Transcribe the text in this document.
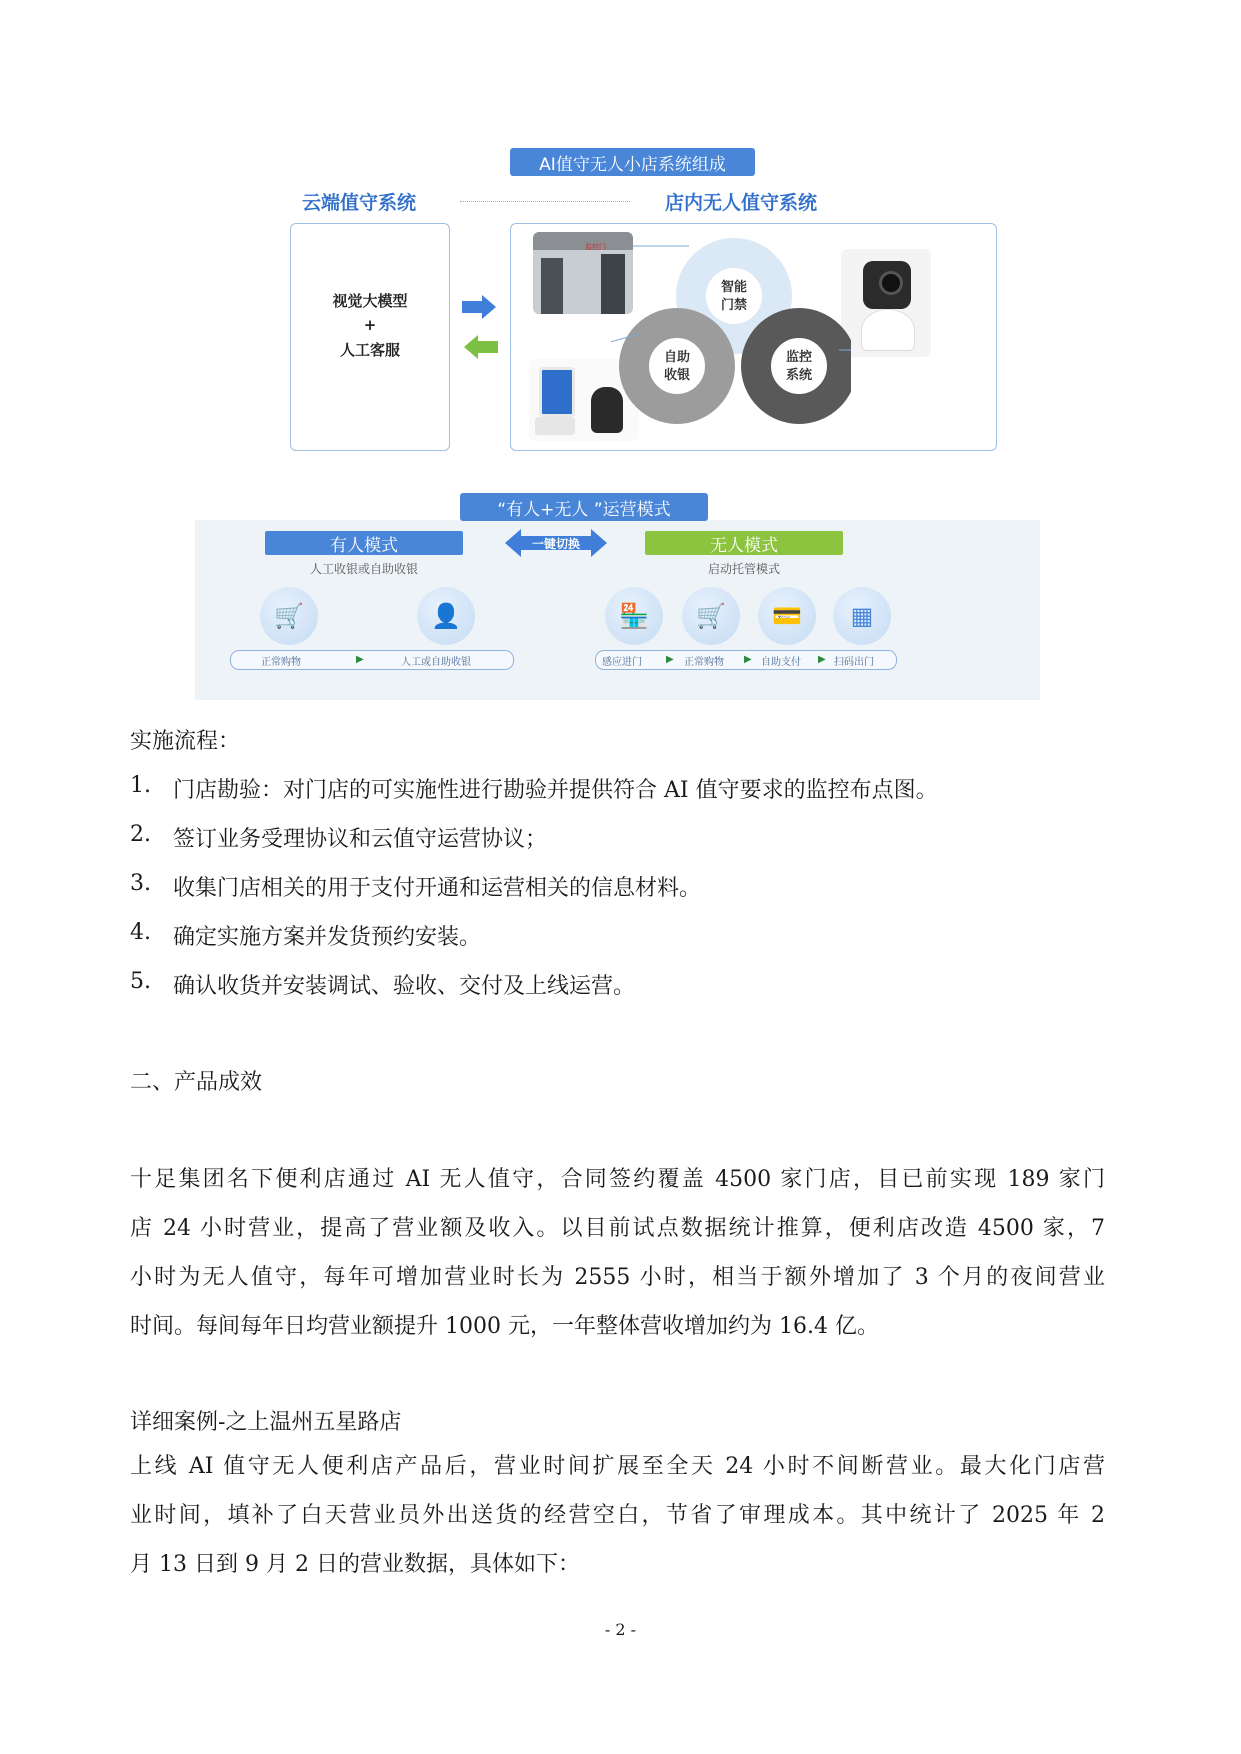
AI值守无人小店系统组成
云端值守系统	店内无人值守系统
视觉大模型
+
人工客服
监控门
智能
门禁
自助
收银
监控
系统
“有人+无人 ”运营模式
有人模式
人工收银或自助收银
一键切换	无人模式
启动托管模式
🛒	👤	🏪	🛒	💳	▦
正常购物	▶	人工或自助收银	感应进门 ▶ 正常购物 ▶ 自助支付 ▶ 扫码出门
实施流程：
1. 门店勘验：对门店的可实施性进行勘验并提供符合 AI 值守要求的监控布点图。
2. 签订业务受理协议和云值守运营协议；
3. 收集门店相关的用于支付开通和运营相关的信息材料。
4. 确定实施方案并发货预约安装。
5. 确认收货并安装调试、验收、交付及上线运营。
二、产品成效
十足集团名下便利店通过 AI 无人值守，合同签约覆盖 4500 家门店，目已前实现 189 家门
店 24 小时营业，提高了营业额及收入。以目前试点数据统计推算，便利店改造 4500 家，7
小时为无人值守，每年可增加营业时长为 2555 小时，相当于额外增加了 3 个月的夜间营业
时间。每间每年日均营业额提升 1000 元，一年整体营收增加约为 16.4 亿。
详细案例-之上温州五星路店
上线 AI 值守无人便利店产品后，营业时间扩展至全天 24 小时不间断营业。最大化门店营
业时间，填补了白天营业员外出送货的经营空白，节省了审理成本。其中统计了 2025 年 2
月 13 日到 9 月 2 日的营业数据，具体如下：
- 2 -
